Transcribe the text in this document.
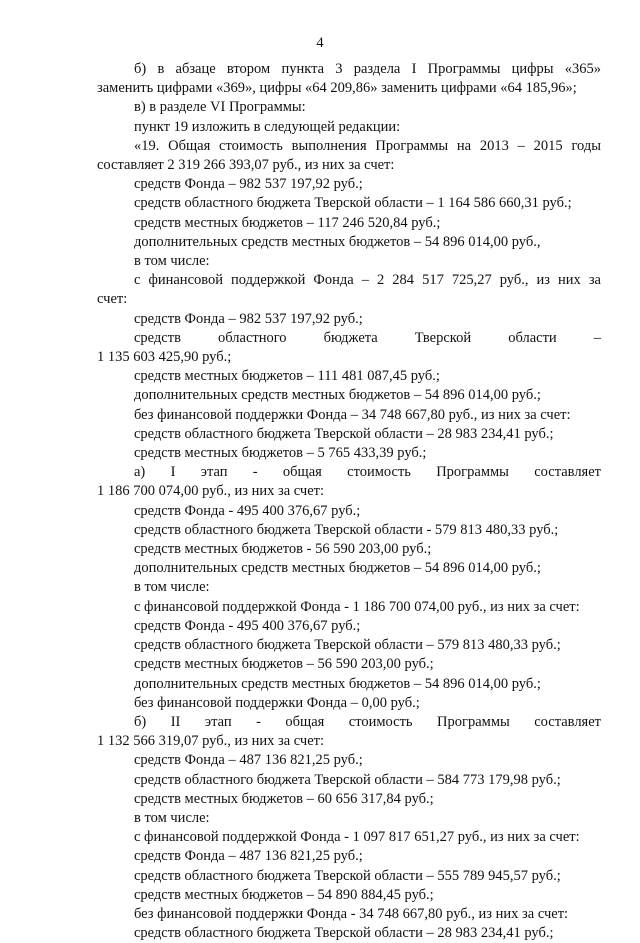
4
б) в абзаце втором пункта 3 раздела I Программы цифры «365»
заменить цифрами «369», цифры «64 209,86» заменить цифрами «64 185,96»;
в) в разделе VI Программы:
пункт 19 изложить в следующей редакции:
«19. Общая стоимость выполнения Программы на 2013 – 2015 годы
составляет 2 319 266 393,07 руб., из них за счет:
средств Фонда – 982 537 197,92 руб.;
средств областного бюджета Тверской области – 1 164 586 660,31 руб.;
средств местных бюджетов – 117 246 520,84 руб.;
дополнительных средств местных бюджетов – 54 896 014,00 руб.,
в том числе:
с финансовой поддержкой Фонда – 2 284 517 725,27 руб., из них за
счет:
средств Фонда – 982 537 197,92 руб.;
средств областного бюджета Тверской области –
1 135 603 425,90 руб.;
средств местных бюджетов – 111 481 087,45 руб.;
дополнительных средств местных бюджетов – 54 896 014,00 руб.;
без финансовой поддержки Фонда – 34 748 667,80 руб., из них за счет:
средств областного бюджета Тверской области – 28 983 234,41 руб.;
средств местных бюджетов – 5 765 433,39 руб.;
а) I этап - общая стоимость Программы составляет
1 186 700 074,00 руб., из них за счет:
средств Фонда - 495 400 376,67 руб.;
средств областного бюджета Тверской области - 579 813 480,33 руб.;
средств местных бюджетов - 56 590 203,00 руб.;
дополнительных средств местных бюджетов – 54 896 014,00 руб.;
в том числе:
с финансовой поддержкой Фонда - 1 186 700 074,00 руб., из них за счет:
средств Фонда - 495 400 376,67 руб.;
средств областного бюджета Тверской области – 579 813 480,33 руб.;
средств местных бюджетов – 56 590 203,00 руб.;
дополнительных средств местных бюджетов – 54 896 014,00 руб.;
без финансовой поддержки Фонда – 0,00 руб.;
б) II этап - общая стоимость Программы составляет
1 132 566 319,07 руб., из них за счет:
средств Фонда – 487 136 821,25 руб.;
средств областного бюджета Тверской области – 584 773 179,98 руб.;
средств местных бюджетов – 60 656 317,84 руб.;
в том числе:
с финансовой поддержкой Фонда - 1 097 817 651,27 руб., из них за счет:
средств Фонда – 487 136 821,25 руб.;
средств областного бюджета Тверской области – 555 789 945,57 руб.;
средств местных бюджетов – 54 890 884,45 руб.;
без финансовой поддержки Фонда - 34 748 667,80 руб., из них за счет:
средств областного бюджета Тверской области – 28 983 234,41 руб.;
